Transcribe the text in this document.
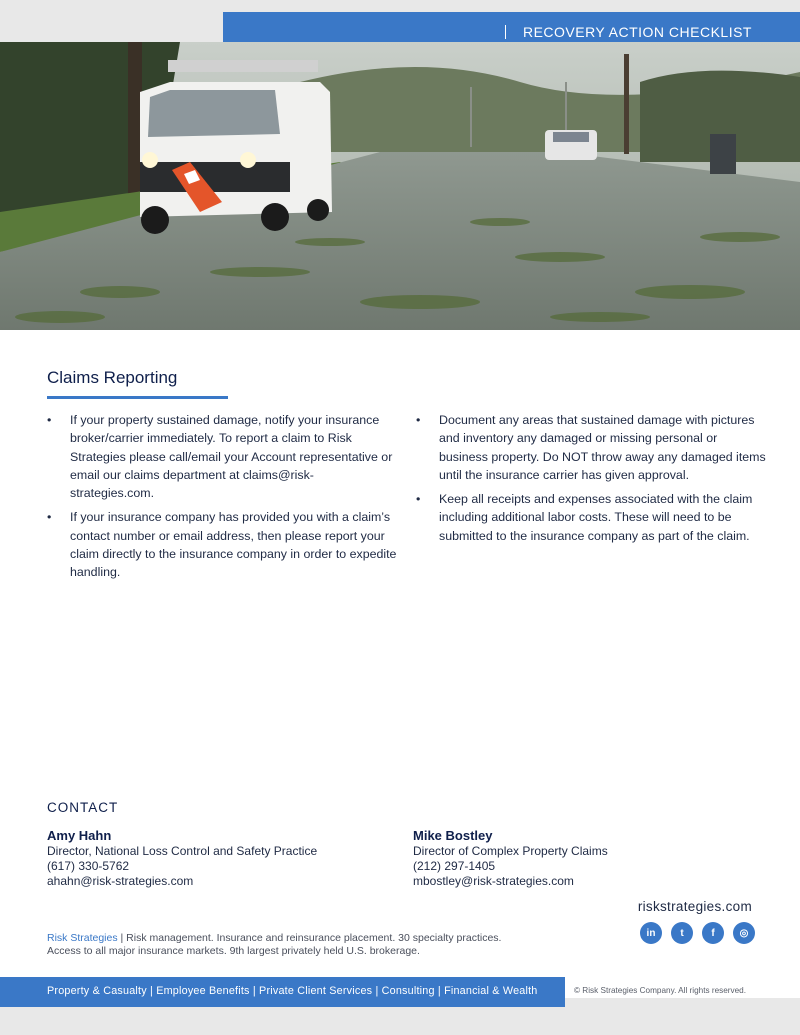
RECOVERY ACTION CHECKLIST
Claims Reporting
• If your property sustained damage, notify your insurance broker/carrier immediately. To report a claim to Risk Strategies please call/email your Account representative or email our claims department at claims@risk-strategies.com.
• If your insurance company has provided you with a claim’s contact number or email address, then please report your claim directly to the insurance company in order to expedite handling.
• Document any areas that sustained damage with pictures and inventory any damaged or missing personal or business property. Do NOT throw away any damaged items until the insurance carrier has given approval.
• Keep all receipts and expenses associated with the claim including additional labor costs. These will need to be submitted to the insurance company as part of the claim.
CONTACT
Amy Hahn
Director, National Loss Control and Safety Practice
(617) 330-5762
ahahn@risk-strategies.com
Mike Bostley
Director of Complex Property Claims
(212) 297-1405
mbostley@risk-strategies.com
riskstrategies.com
in	t	f	◎
Risk Strategies | Risk management. Insurance and reinsurance placement. 30 specialty practices.
Access to all major insurance markets. 9th largest privately held U.S. brokerage.
Property & Casualty | Employee Benefits | Private Client Services | Consulting | Financial & Wealth	© Risk Strategies Company. All rights reserved.
